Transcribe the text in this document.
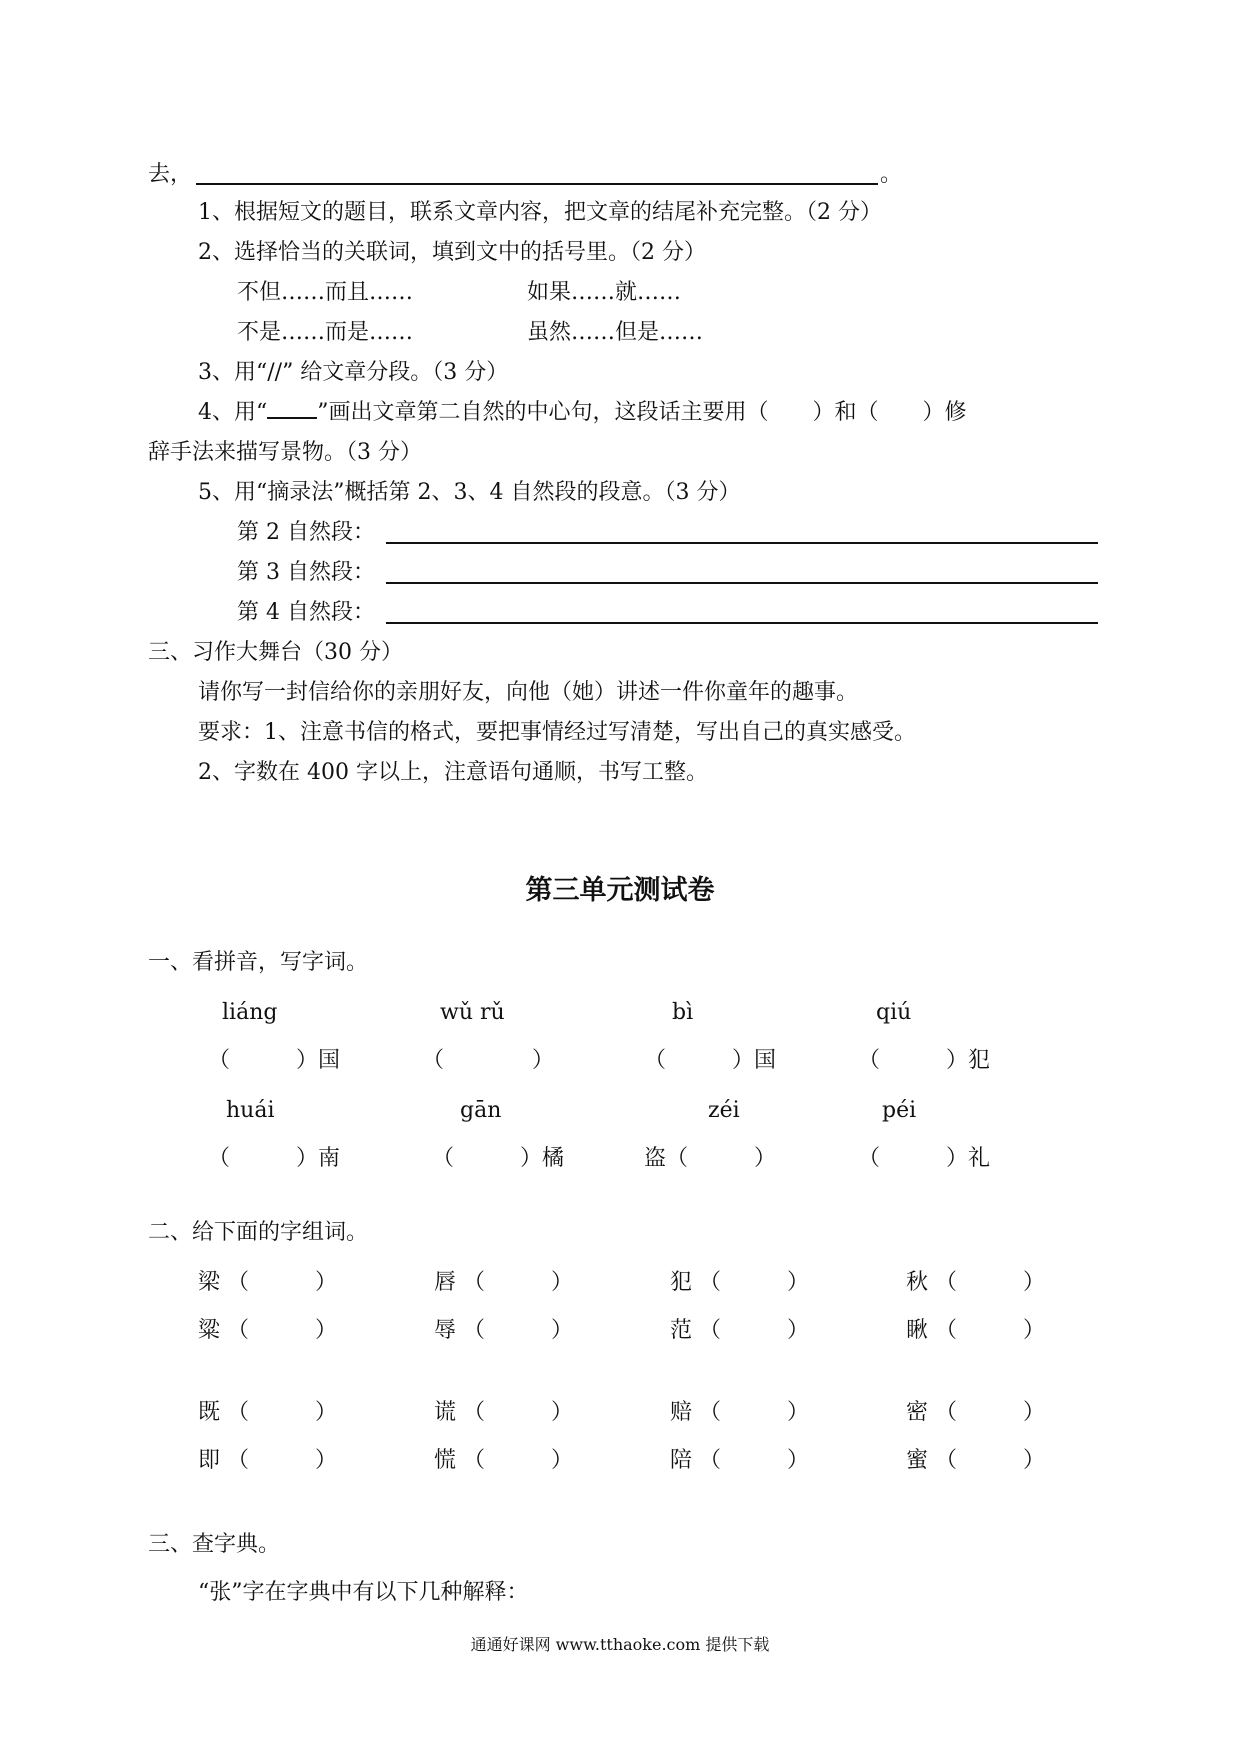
去，	。
1、根据短文的题目，联系文章内容，把文章的结尾补充完整。（2 分）
2、选择恰当的关联词，填到文中的括号里。（2 分）
不但……而且……	如果……就……
不是……而是……	虽然……但是……
3、用“//” 给文章分段。（3 分）
4、用“ ”画出文章第二自然的中心句，这段话主要用（　　）和（　　）修
辞手法来描写景物。（3 分）
5、用“摘录法”概括第 2、3、4 自然段的段意。（3 分）
第 2 自然段：
第 3 自然段：
第 4 自然段：
三、习作大舞台（30 分）
请你写一封信给你的亲朋好友，向他（她）讲述一件你童年的趣事。
要求：1、注意书信的格式，要把事情经过写清楚，写出自己的真实感受。
2、字数在 400 字以上，注意语句通顺，书写工整。
第三单元测试卷
一、看拼音，写字词。
liáng	wǔ rǔ	bì	qiú
（　　　）国	（　　　　）	（　　　）国	（　　　）犯
huái	gān	zéi	péi
（　　　）南	（　　　）橘	盗（　　　）	（　　　）礼
二、给下面的字组词。
梁 （　　　）	唇 （　　　）	犯 （　　　）	秋 （　　　）
粱 （　　　）	辱 （　　　）	范 （　　　）	瞅 （　　　）
既 （　　　）	谎 （　　　）	赔 （　　　）	密 （　　　）
即 （　　　）	慌 （　　　）	陪 （　　　）	蜜 （　　　）
三、查字典。
“张”字在字典中有以下几种解释：
通通好课网 www.tthaoke.com 提供下载
